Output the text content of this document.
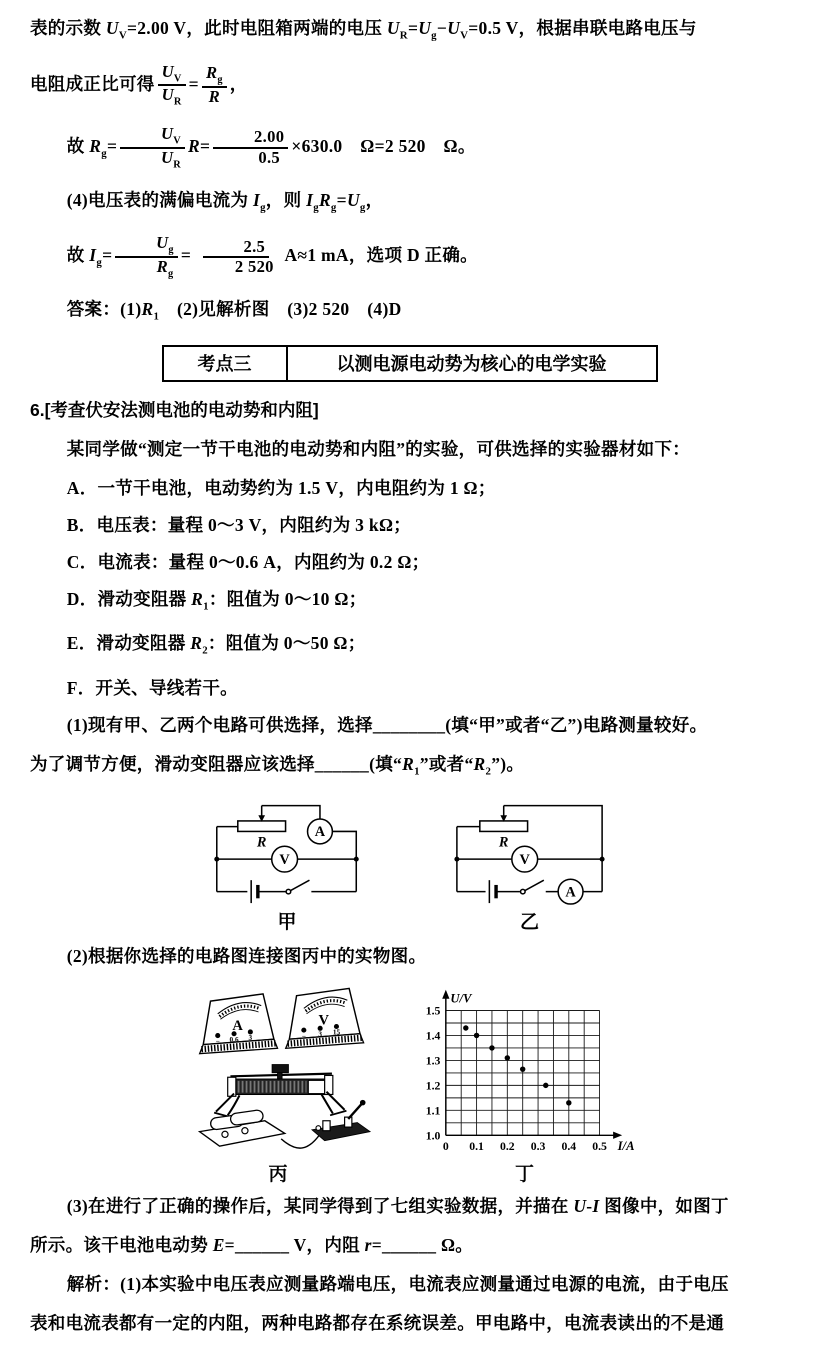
表的示数 $U_V=2.00$ V，此时电阻箱两端的电压 $U_R=U_g-U_V=0.5$ V，根据串联电路电压与

电阻成正比可得 $\frac{U_V}{U_R} = \frac{R_g}{R}$ ，

故 $R_g= \frac{U_V}{U_R} R= \frac{2.00}{0.5} \times 630.0$　Ω=2 520　Ω。

(4)电压表的满偏电流为 $I_g$，则 $I_gR_g=U_g$，

故 $I_g= \frac{U_g}{R_g} = \frac{2.5}{2 520} A\approx 1$ mA，选项 D 正确。

答案：$(1)R_1$　(2)见解析图　(3)2 520　(4)D

考点三	以测电源电动势为核心的电学实验

6.[考查伏安法测电池的电动势和内阻]

某同学做“测定一节干电池的电动势和内阻”的实验，可供选择的实验器材如下：

A．一节干电池，电动势约为 1.5 V，内电阻约为 1 Ω；

B．电压表：量程 0～3 V，内阻约为 3 kΩ；

C．电流表：量程 0～0.6 A，内阻约为 0.2 Ω；

D．滑动变阻器 $R_1$：阻值为 0～10 Ω；

E．滑动变阻器 $R_2$：阻值为 0～50 Ω；

F．开关、导线若干。

(1)现有甲、乙两个电路可供选择，选择________(填“甲”或者“乙”)电路测量较好。

为了调节方便，滑动变阻器应该选择______(填“$R_1$”或者“$R_2$”)。

A
V
R
甲
A
V
R
乙

(2)根据你选择的电路图连接图丙中的实物图。

A
− 0.6 3
V
− 3 15
丙
0 0.1 0.2 0.3 0.4 0.5
1.0
1.1
1.2
1.3
1.4
1.5
U/V
I/A
丁

(3)在进行了正确的操作后，某同学得到了七组实验数据，并描在 U-I 图像中，如图丁

所示。该干电池电动势 E=______ V，内阻 r=______ Ω。

解析：(1)本实验中电压表应测量路端电压，电流表应测量通过电源的电流，由于电压

表和电流表都有一定的内阻，两种电路都存在系统误差。甲电路中，电流表读出的不是通
